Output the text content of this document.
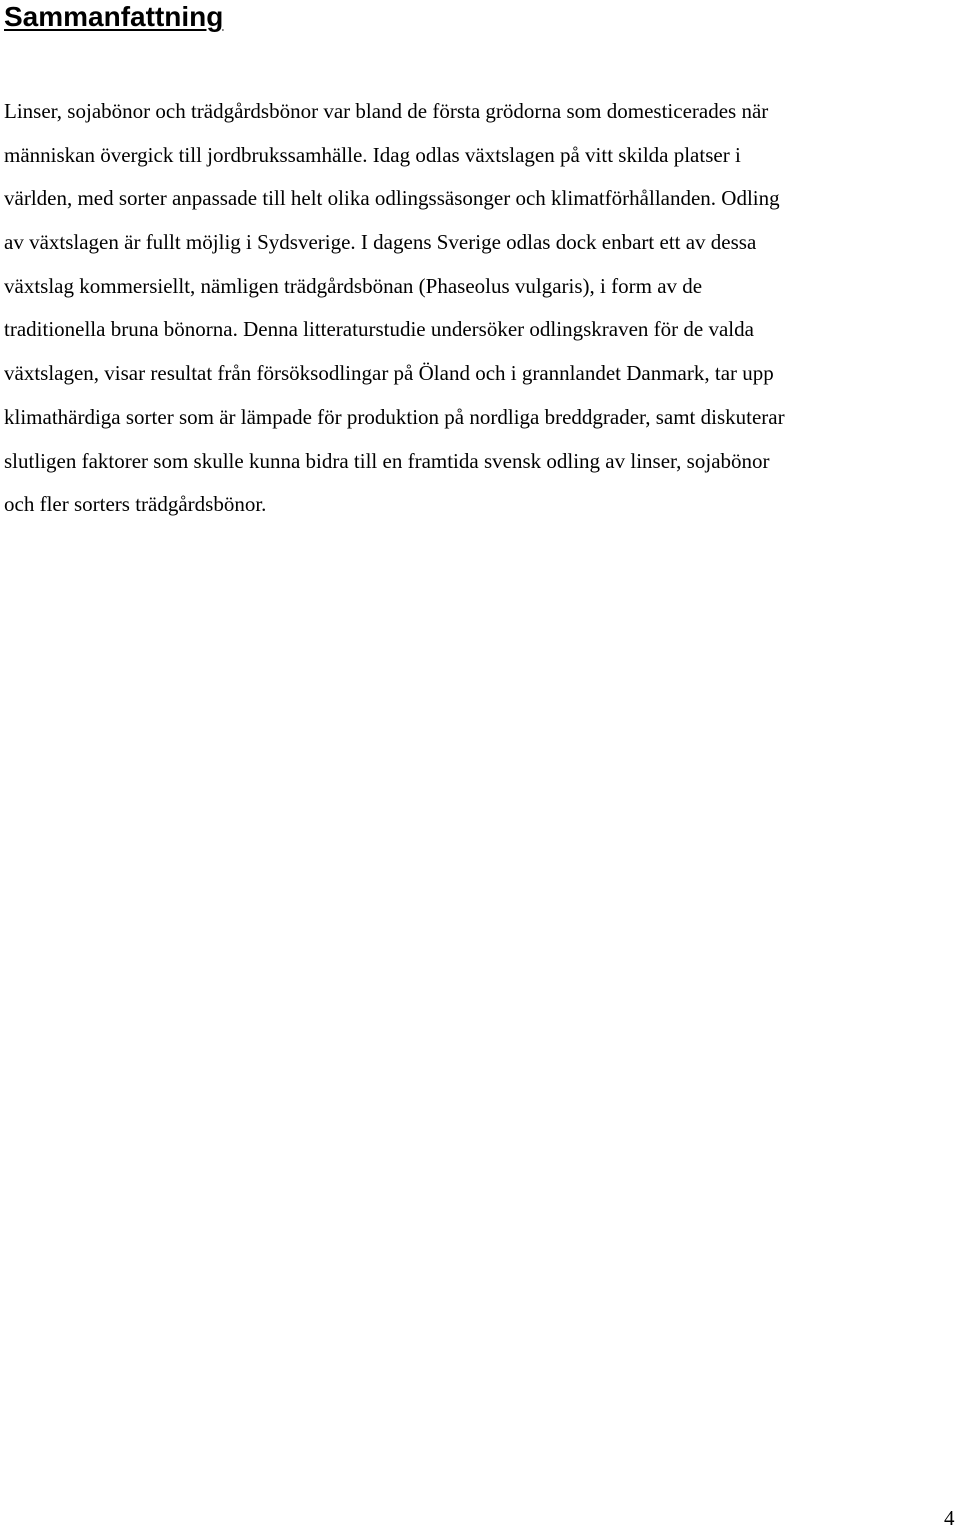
Sammanfattning
Linser, sojabönor och trädgårdsbönor var bland de första grödorna som domesticerades när
människan övergick till jordbrukssamhälle. Idag odlas växtslagen på vitt skilda platser i
världen, med sorter anpassade till helt olika odlingssäsonger och klimatförhållanden. Odling
av växtslagen är fullt möjlig i Sydsverige. I dagens Sverige odlas dock enbart ett av dessa
växtslag kommersiellt, nämligen trädgårdsbönan (Phaseolus vulgaris), i form av de
traditionella bruna bönorna. Denna litteraturstudie undersöker odlingskraven för de valda
växtslagen, visar resultat från försöksodlingar på Öland och i grannlandet Danmark, tar upp
klimathärdiga sorter som är lämpade för produktion på nordliga breddgrader, samt diskuterar
slutligen faktorer som skulle kunna bidra till en framtida svensk odling av linser, sojabönor
och fler sorters trädgårdsbönor.
4
